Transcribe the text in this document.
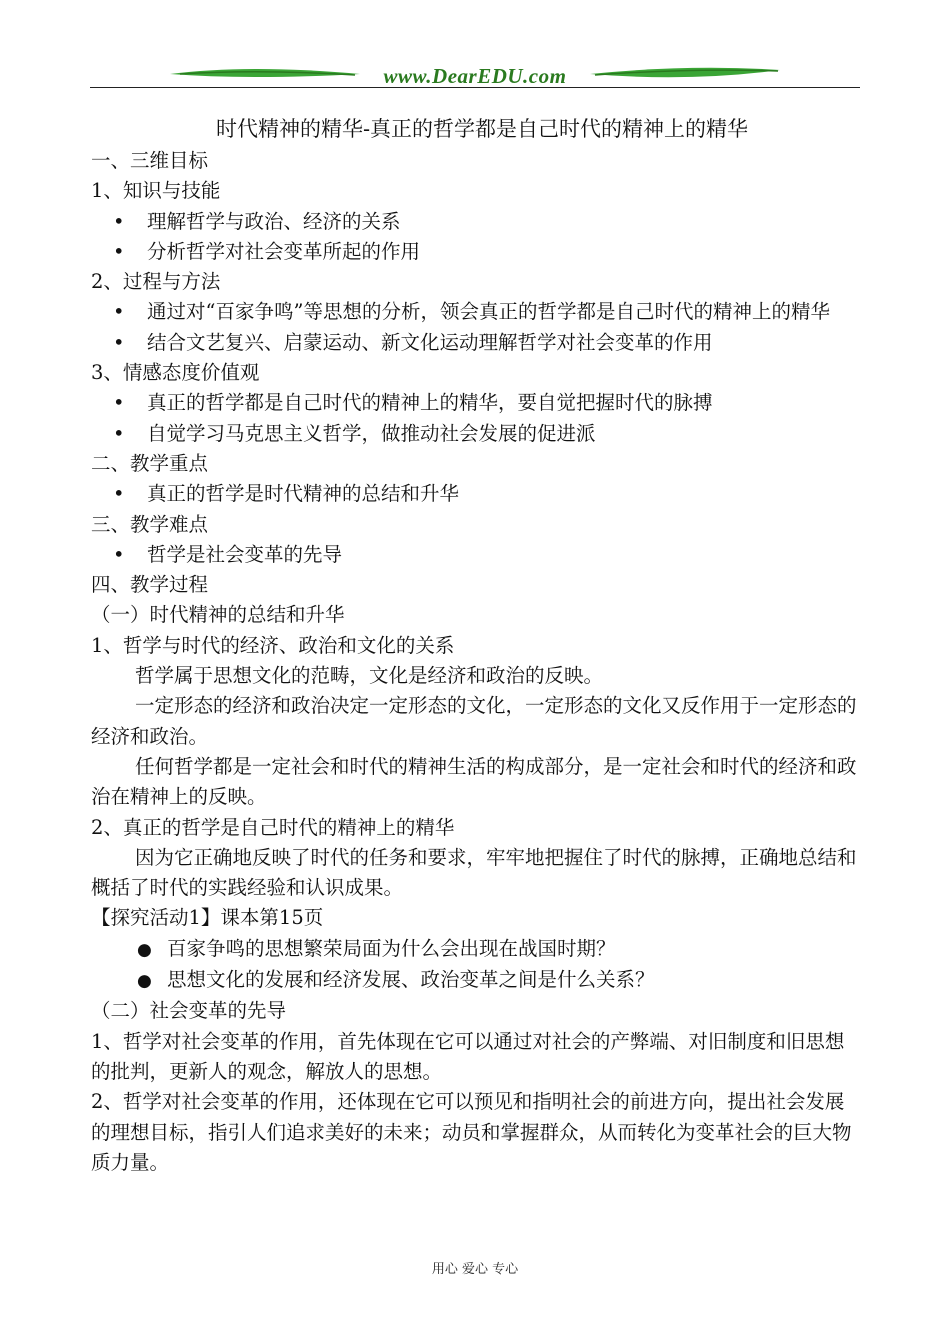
www.DearEDU.com
时代精神的精华-真正的哲学都是自己时代的精神上的精华

一、三维目标

1、知识与技能

• 理解哲学与政治、经济的关系

• 分析哲学对社会变革所起的作用

2、过程与方法

• 通过对“百家争鸣”等思想的分析，领会真正的哲学都是自己时代的精神上的精华

• 结合文艺复兴、启蒙运动、新文化运动理解哲学对社会变革的作用

3、情感态度价值观

• 真正的哲学都是自己时代的精神上的精华，要自觉把握时代的脉搏

• 自觉学习马克思主义哲学，做推动社会发展的促进派

二、教学重点

• 真正的哲学是时代精神的总结和升华

三、教学难点

• 哲学是社会变革的先导

四、教学过程

（一）时代精神的总结和升华

1、哲学与时代的经济、政治和文化的关系

哲学属于思想文化的范畴，文化是经济和政治的反映。

一定形态的经济和政治决定一定形态的文化，一定形态的文化又反作用于一定形态的经济和政治。

任何哲学都是一定社会和时代的精神生活的构成部分，是一定社会和时代的经济和政治在精神上的反映。

2、真正的哲学是自己时代的精神上的精华

因为它正确地反映了时代的任务和要求，牢牢地把握住了时代的脉搏，正确地总结和概括了时代的实践经验和认识成果。

【探究活动1】课本第15页

● 百家争鸣的思想繁荣局面为什么会出现在战国时期？

● 思想文化的发展和经济发展、政治变革之间是什么关系？

（二）社会变革的先导

1、哲学对社会变革的作用，首先体现在它可以通过对社会的产弊端、对旧制度和旧思想的批判，更新人的观念，解放人的思想。

2、哲学对社会变革的作用，还体现在它可以预见和指明社会的前进方向，提出社会发展的理想目标，指引人们追求美好的未来；动员和掌握群众，从而转化为变革社会的巨大物质力量。

用心 爱心 专心
